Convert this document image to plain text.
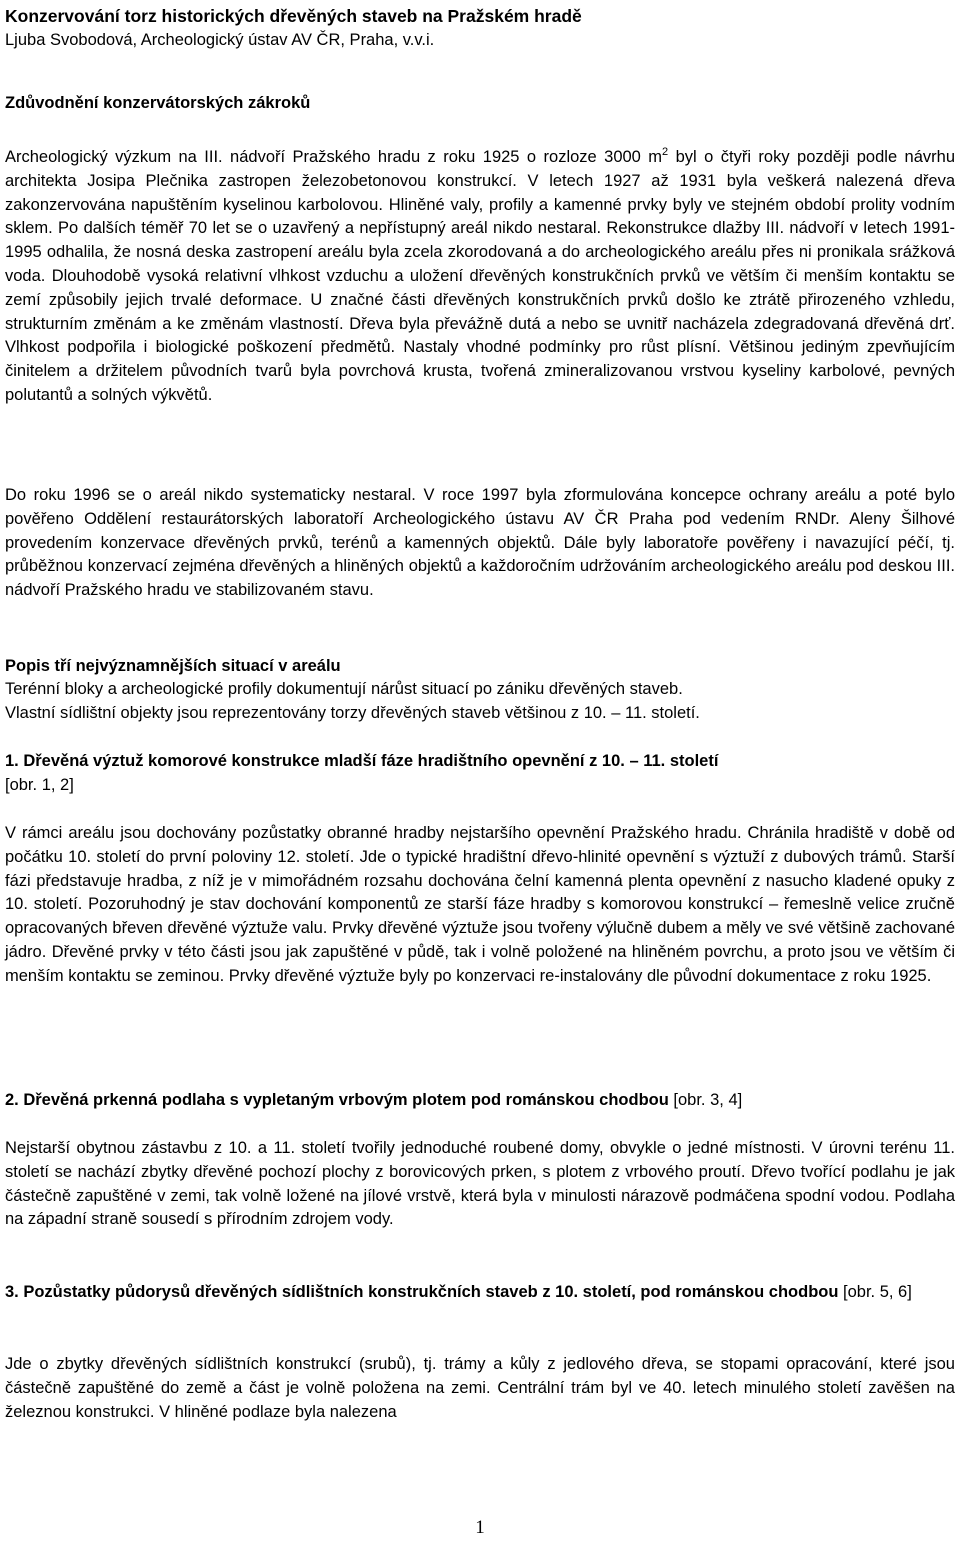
Konzervování torz historických dřevěných staveb na Pražském hradě

Ljuba Svobodová, Archeologický ústav AV ČR, Praha, v.v.i.

Zdůvodnění konzervátorských zákroků

Archeologický výzkum na III. nádvoří Pražského hradu z roku 1925 o rozloze 3000 $m^2$ byl o čtyři roky později podle návrhu architekta Josipa Plečnika zastropen železobetonovou konstrukcí. V letech 1927 až 1931 byla veškerá nalezená dřeva zakonzervována napuštěním kyselinou karbolovou. Hliněné valy, profily a kamenné prvky byly ve stejném období prolity vodním sklem. Po dalších téměř 70 let se o uzavřený a nepřístupný areál nikdo nestaral. Rekonstrukce dlažby III. nádvoří v letech 1991-1995 odhalila, že nosná deska zastropení areálu byla zcela zkorodovaná a do archeologického areálu přes ni pronikala srážková voda. Dlouhodobě vysoká relativní vlhkost vzduchu a uložení dřevěných konstrukčních prvků ve větším či menším kontaktu se zemí způsobily jejich trvalé deformace. U značné části dřevěných konstrukčních prvků došlo ke ztrátě přirozeného vzhledu, strukturním změnám a ke změnám vlastností. Dřeva byla převážně dutá a nebo se uvnitř nacházela zdegradovaná dřevěná drť. Vlhkost podpořila i biologické poškození předmětů. Nastaly vhodné podmínky pro růst plísní. Většinou jediným zpevňujícím činitelem a držitelem původních tvarů byla povrchová krusta, tvořená zmineralizovanou vrstvou kyseliny karbolové, pevných polutantů a solných výkvětů.

Do roku 1996 se o areál nikdo systematicky nestaral. V roce 1997 byla zformulována koncepce ochrany areálu a poté bylo pověřeno Oddělení restaurátorských laboratoří Archeologického ústavu AV ČR Praha pod vedením RNDr. Aleny Šilhové provedením konzervace dřevěných prvků, terénů a kamenných objektů. Dále byly laboratoře pověřeny i navazující péčí, tj. průběžnou konzervací zejména dřevěných a hliněných objektů a každoročním udržováním archeologického areálu pod deskou III. nádvoří Pražského hradu ve stabilizovaném stavu.

Popis tří nejvýznamnějších situací v areálu

Terénní bloky a archeologické profily dokumentují nárůst situací po zániku dřevěných staveb.

Vlastní sídlištní objekty jsou reprezentovány torzy dřevěných staveb většinou z 10. – 11. století.

1. Dřevěná výztuž komorové konstrukce mladší fáze hradištního opevnění z 10. – 11. století
[obr. 1, 2]

V rámci areálu jsou dochovány pozůstatky obranné hradby nejstaršího opevnění Pražského hradu. Chránila hradiště v době od počátku 10. století do první poloviny 12. století. Jde o typické hradištní dřevo-hlinité opevnění s výztuží z dubových trámů. Starší fázi představuje hradba, z níž je v mimořádném rozsahu dochována čelní kamenná plenta opevnění z nasucho kladené opuky z 10. století. Pozoruhodný je stav dochování komponentů ze starší fáze hradby s komorovou konstrukcí – řemeslně velice zručně opracovaných břeven dřevěné výztuže valu. Prvky dřevěné výztuže jsou tvořeny výlučně dubem a měly ve své většině zachované jádro. Dřevěné prvky v této části jsou jak zapuštěné v půdě, tak i volně položené na hliněném povrchu, a proto jsou ve větším či menším kontaktu se zeminou. Prvky dřevěné výztuže byly po konzervaci re-instalovány dle původní dokumentace z roku 1925.

2. Dřevěná prkenná podlaha s vypletaným vrbovým plotem pod románskou chodbou [obr. 3, 4]

Nejstarší obytnou zástavbu z 10. a 11. století tvořily jednoduché roubené domy, obvykle o jedné místnosti. V úrovni terénu 11. století se nachází zbytky dřevěné pochozí plochy z borovicových prken, s plotem z vrbového proutí. Dřevo tvořící podlahu je jak částečně zapuštěné v zemi, tak volně ložené na jílové vrstvě, která byla v minulosti nárazově podmáčena spodní vodou. Podlaha na západní straně sousedí s přírodním zdrojem vody.

3. Pozůstatky půdorysů dřevěných sídlištních konstrukčních staveb z 10. století, pod románskou chodbou [obr. 5, 6]

Jde o zbytky dřevěných sídlištních konstrukcí (srubů), tj. trámy a kůly z jedlového dřeva, se stopami opracování, které jsou částečně zapuštěné do země a část je volně položena na zemi. Centrální trám byl ve 40. letech minulého století zavěšen na železnou konstrukci. V hliněné podlaze byla nalezena

1
